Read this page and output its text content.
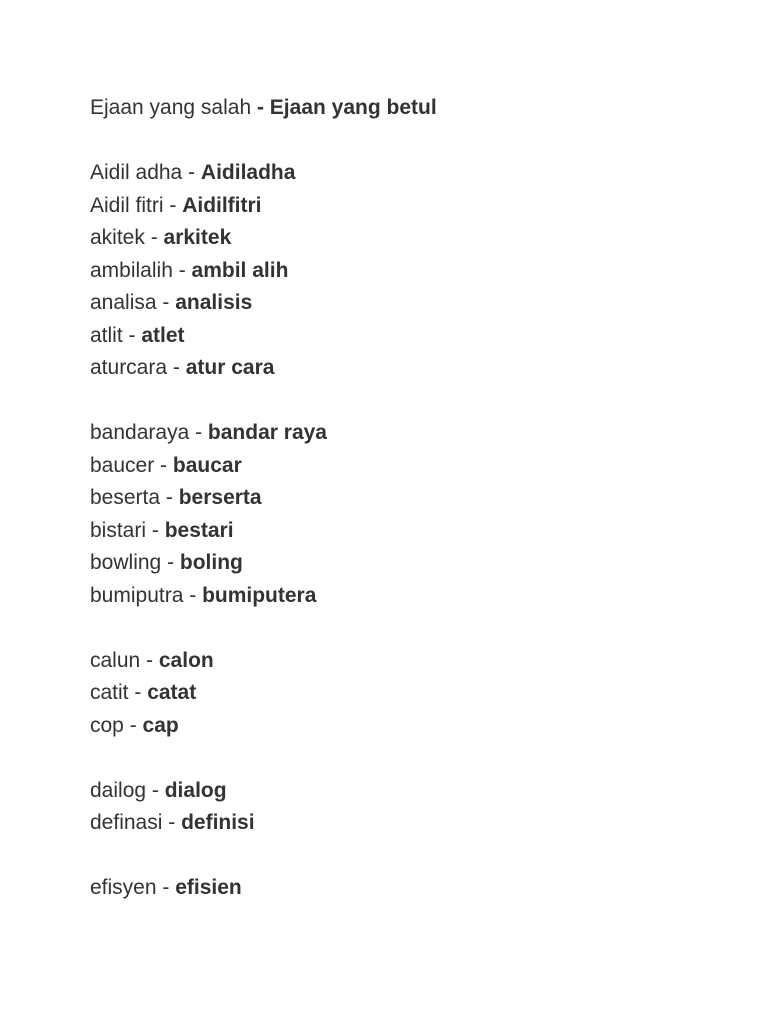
Ejaan yang salah - Ejaan yang betul
Aidil adha - Aidiladha
Aidil fitri - Aidilfitri
akitek - arkitek
ambilalih - ambil alih
analisa - analisis
atlit - atlet
aturcara - atur cara
bandaraya - bandar raya
baucer - baucar
beserta - berserta
bistari - bestari
bowling - boling
bumiputra - bumiputera
calun - calon
catit - catat
cop - cap
dailog - dialog
definasi - definisi
efisyen - efisien
